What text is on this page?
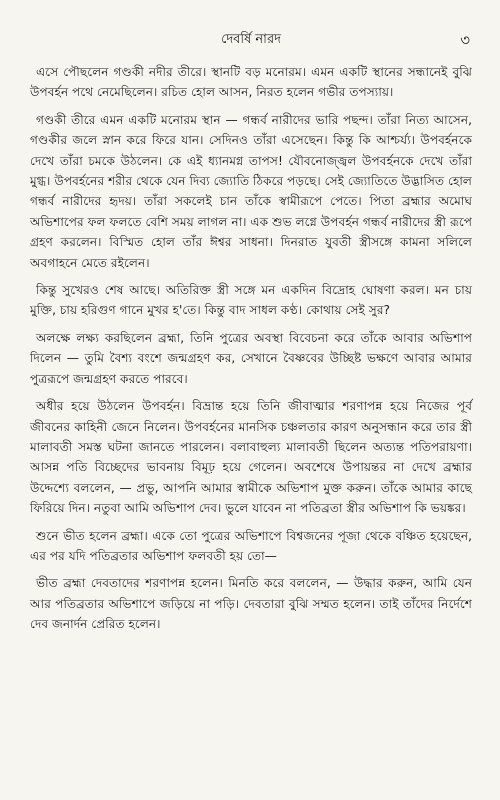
দেবর্ষি নারদ	৩

এসে পৌছলেন গণ্ডকী নদীর তীরে। স্থানটি বড় মনোরম। এমন একটি স্থানের সন্ধানেই বুঝি উপবর্হন পথে নেমেছিলেন। রচিত হোল আসন, নিরত হলেন গভীর তপস্যায়।

গণ্ডকী তীরে এমন একটি মনোরম স্থান — গন্ধর্ব নারীদের ভারি পছন্দ। তাঁরা নিত্য আসেন, গণ্ডকীর জলে স্নান করে ফিরে যান। সেদিনও তাঁরা এসেছেন। কিন্তু কি আশ্চর্য্য। উপবর্হনকে দেখে তাঁরা চমকে উঠলেন। কে এই ধ্যানমগ্ন তাপস! যৌবনোজ্জ্বল উপবর্হনকে দেখে তাঁরা মুগ্ধ। উপবর্হনের শরীর থেকে যেন দিব্য জ্যোতি ঠিকরে পড়ছে। সেই জ্যোতিতে উদ্ভাসিত হোল গন্ধর্ব নারীদের হৃদয়। তাঁরা সকলেই চান তাঁকে স্বামীরূপে পেতে। পিতা ব্রহ্মার অমোঘ অভিশাপের ফল ফলতে বেশি সময় লাগল না। এক শুভ লগ্নে উপবর্হন গন্ধর্ব নারীদের স্ত্রী রূপে গ্রহণ করলেন। বিস্মিত হোল তাঁর ঈশ্বর সাধনা। দিনরাত যুবতী স্ত্রীসঙ্গে কামনা সলিলে অবগাহনে মেতে রইলেন।

কিন্তু সুখেরও শেষ আছে। অতিরিক্ত স্ত্রী সঙ্গে মন একদিন বিদ্রোহ ঘোষণা করল। মন চায় মুক্তি, চায় হরিগুণ গানে মুখর হ'তে। কিন্তু বাদ সাধল কণ্ঠ। কোথায় সেই সুর?

অলক্ষে লক্ষ্য করছিলেন ব্রহ্মা, তিনি পুত্রের অবস্থা বিবেচনা করে তাঁকে আবার অভিশাপ দিলেন — তুমি বৈশ্য বংশে জন্মগ্রহণ কর, সেখানে বৈষ্ণবের উচ্ছিষ্ট ভক্ষণে আবার আমার পুত্ররূপে জন্মগ্রহণ করতে পারবে।

অধীর হয়ে উঠলেন উপবর্হন। বিভ্রান্ত হয়ে তিনি জীবাত্মার শরণাপন্ন হয়ে নিজের পূর্ব জীবনের কাহিনী জেনে নিলেন। উপবর্হনের মানসিক চঞ্চলতার কারণ অনুসন্ধান করে তার স্ত্রী মালাবতী সমস্ত ঘটনা জানতে পারলেন। বলাবাহুল্য মালাবতী ছিলেন অত্যন্ত পতিপরায়ণা। আসন্ন পতি বিচ্ছেদের ভাবনায় বিমূঢ় হয়ে গেলেন। অবশেষে উপায়ন্তর না দেখে ব্রহ্মার উদ্দেশ্যে বললেন, — প্রভু, আপনি আমার স্বামীকে অভিশাপ মুক্ত করুন। তাঁকে আমার কাছে ফিরিয়ে দিন। নতুবা আমি অভিশাপ দেব। ভুলে যাবেন না পতিব্রতা স্ত্রীর অভিশাপ কি ভয়ঙ্কর।

শুনে ভীত হলেন ব্রহ্মা। একে তো পুত্রের অভিশাপে বিশ্বজনের পূজা থেকে বঞ্চিত হয়েছেন, এর পর যদি পতিব্রতার অভিশাপ ফলবতী হয় তো—

ভীত ব্রহ্মা দেবতাদের শরণাপন্ন হলেন। মিনতি করে বললেন, — উদ্ধার করুন, আমি যেন আর পতিব্রতার অভিশাপে জড়িয়ে না পড়ি। দেবতারা বুঝি সম্মত হলেন। তাই তাঁদের নির্দেশে দেব জনার্দন প্রেরিত হলেন।
